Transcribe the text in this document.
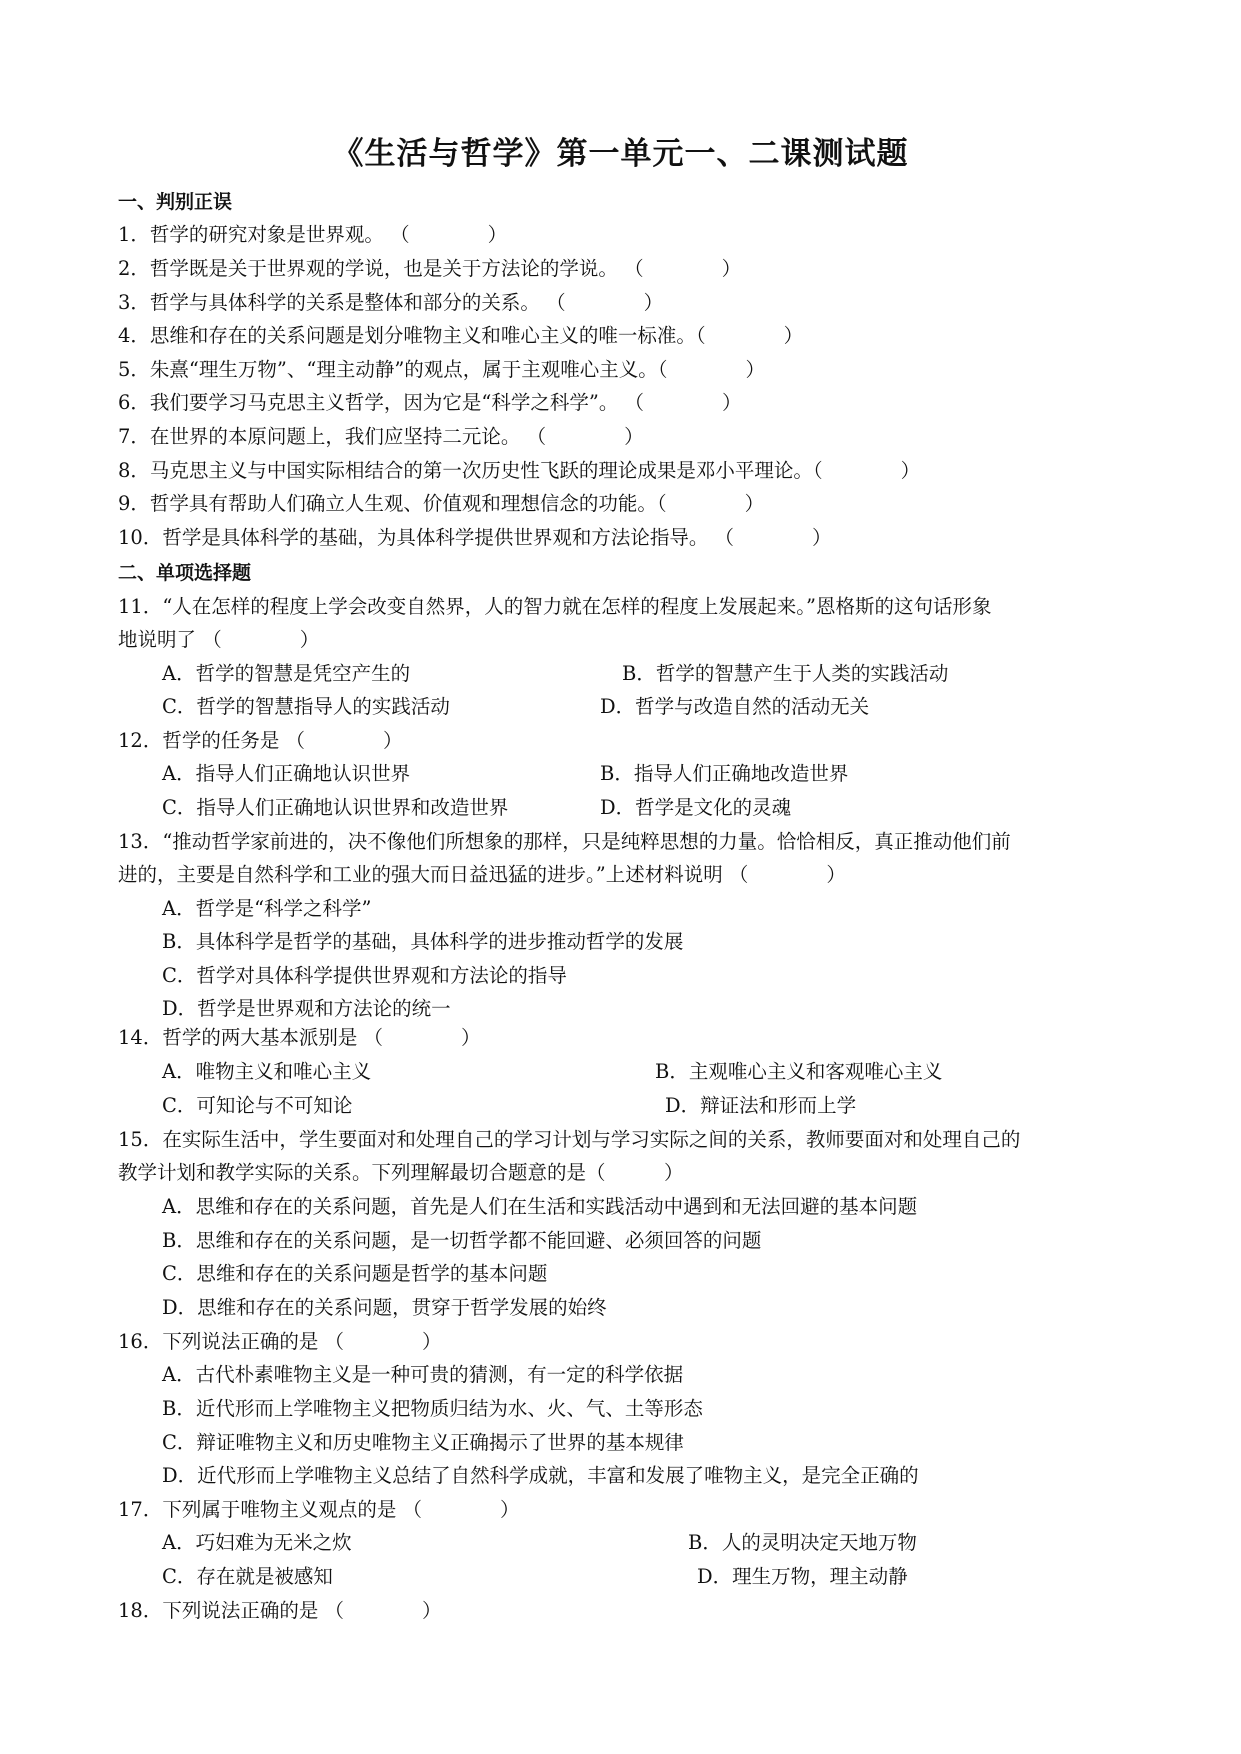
《生活与哲学》第一单元一、二课测试题
一、判别正误
1．哲学的研究对象是世界观。 （　　　　）
2．哲学既是关于世界观的学说，也是关于方法论的学说。 （　　　　）
3．哲学与具体科学的关系是整体和部分的关系。 （　　　　）
4．思维和存在的关系问题是划分唯物主义和唯心主义的唯一标准。（　　　　）
5．朱熹“理生万物”、“理主动静”的观点，属于主观唯心主义。（　　　　）
6．我们要学习马克思主义哲学，因为它是“科学之科学”。 （　　　　）
7．在世界的本原问题上，我们应坚持二元论。 （　　　　）
8．马克思主义与中国实际相结合的第一次历史性飞跃的理论成果是邓小平理论。（　　　　）
9．哲学具有帮助人们确立人生观、价值观和理想信念的功能。（　　　　）
10．哲学是具体科学的基础，为具体科学提供世界观和方法论指导。 （　　　　）
二、单项选择题
11．“人在怎样的程度上学会改变自然界，人的智力就在怎样的程度上发展起来。”恩格斯的这句话形象
地说明了 （　　　　）
A．哲学的智慧是凭空产生的	B．哲学的智慧产生于人类的实践活动
C．哲学的智慧指导人的实践活动	D．哲学与改造自然的活动无关
12．哲学的任务是 （　　　　）
A．指导人们正确地认识世界	B．指导人们正确地改造世界
C．指导人们正确地认识世界和改造世界	D．哲学是文化的灵魂
13．“推动哲学家前进的，决不像他们所想象的那样，只是纯粹思想的力量。恰恰相反，真正推动他们前
进的，主要是自然科学和工业的强大而日益迅猛的进步。”上述材料说明 （　　　　）
A．哲学是“科学之科学”
B．具体科学是哲学的基础，具体科学的进步推动哲学的发展
C．哲学对具体科学提供世界观和方法论的指导
D．哲学是世界观和方法论的统一
14．哲学的两大基本派别是 （　　　　）
A．唯物主义和唯心主义	B．主观唯心主义和客观唯心主义
C．可知论与不可知论	D．辩证法和形而上学
15．在实际生活中，学生要面对和处理自己的学习计划与学习实际之间的关系，教师要面对和处理自己的
教学计划和教学实际的关系。下列理解最切合题意的是（　　　）
A．思维和存在的关系问题，首先是人们在生活和实践活动中遇到和无法回避的基本问题
B．思维和存在的关系问题，是一切哲学都不能回避、必须回答的问题
C．思维和存在的关系问题是哲学的基本问题
D．思维和存在的关系问题，贯穿于哲学发展的始终
16．下列说法正确的是 （　　　　）
A．古代朴素唯物主义是一种可贵的猜测，有一定的科学依据
B．近代形而上学唯物主义把物质归结为水、火、气、土等形态
C．辩证唯物主义和历史唯物主义正确揭示了世界的基本规律
D．近代形而上学唯物主义总结了自然科学成就，丰富和发展了唯物主义，是完全正确的
17．下列属于唯物主义观点的是 （　　　　）
A．巧妇难为无米之炊	B．人的灵明决定天地万物
C．存在就是被感知	D．理生万物，理主动静
18．下列说法正确的是 （　　　　）
